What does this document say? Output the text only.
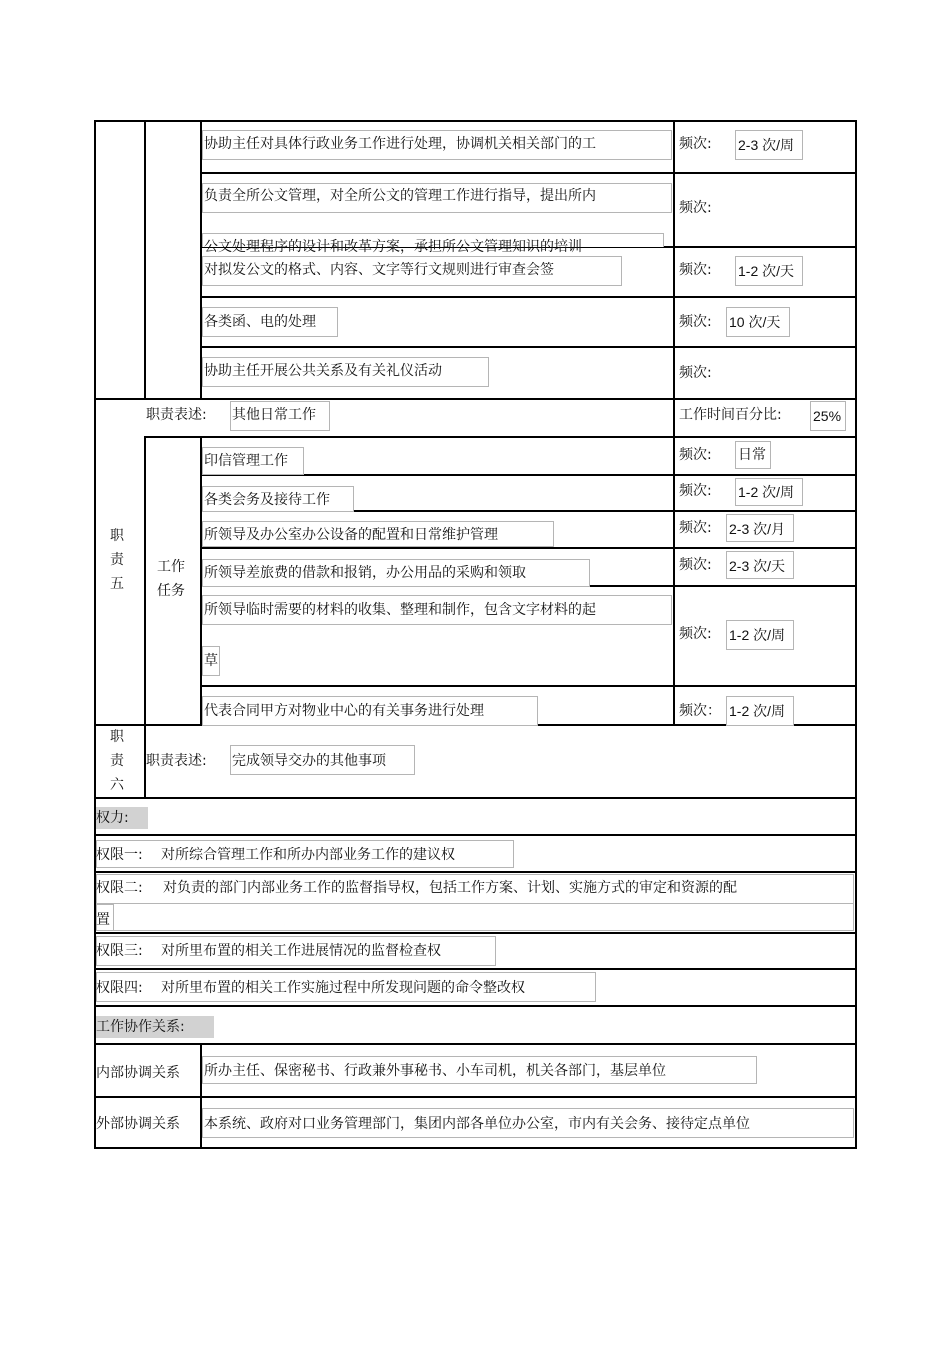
协助主任对具体行政业务工作进行处理，协调机关相关部门的工	频次: 2-3 次/周
负责全所公文管理，对全所公文的管理工作进行指导，提出所内
公文处理程序的设计和改革方案，承担所公文管理知识的培训
频次:
对拟发公文的格式、内容、文字等行文规则进行审查会签	频次: 1-2 次/天
各类函、电的处理	频次: 10 次/天
协助主任开展公共关系及有关礼仪活动	频次:
职责表述: 其他日常工作	工作时间百分比: 25%
职责五
工作任务
印信管理工作	频次: 日常
各类会务及接待工作
频次: 1-2 次/周
所领导及办公室办公设备的配置和日常维护管理	频次: 2-3 次/月
所领导差旅费的借款和报销，办公用品的采购和领取	频次: 2-3 次/天
所领导临时需要的材料的收集、整理和制作，包含文字材料的起
草
频次: 1-2 次/周
代表合同甲方对物业中心的有关事务进行处理	频次： 1-2 次/周
职责六
职责表述: 完成领导交办的其他事项
权力:
权限一: 对所综合管理工作和所办内部业务工作的建议权
权限二: 对负责的部门内部业务工作的监督指导权，包括工作方案、计划、实施方式的审定和资源的配
置
权限三: 对所里布置的相关工作进展情况的监督检查权
权限四: 对所里布置的相关工作实施过程中所发现问题的命令整改权
工作协作关系:
内部协调关系 所办主任、保密秘书、行政兼外事秘书、小车司机，机关各部门，基层单位
外部协调关系 本系统、政府对口业务管理部门，集团内部各单位办公室，市内有关会务、接待定点单位
